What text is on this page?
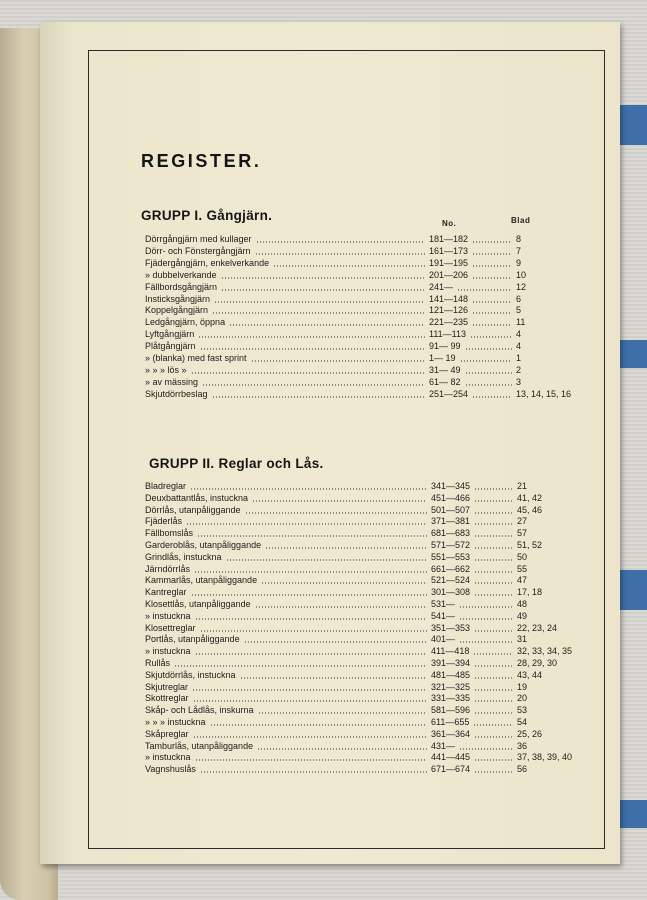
REGISTER.
GRUPP I. Gångjärn.
No.	Blad
Dörrgångjärn med kullager	181—182	8
Dörr- och Fönstergångjärn	161—173	7
Fjädergångjärn, enkelverkande	191—195	9
» dubbelverkande	201—206	10
Fällbordsgångjärn	241—	12
Insticksgångjärn	141—148	6
Koppelgångjärn	121—126	5
Ledgångjärn, öppna	221—235	11
Lyftgångjärn	111—113	4
Plåtgångjärn	91— 99	4
» (blanka) med fast sprint	1— 19	1
» » » lös »	31— 49	2
» av mässing	61— 82	3
Skjutdörrbeslag	251—254	13, 14, 15, 16
GRUPP II. Reglar och Lås.
Bladreglar	341—345	21
Deuxbattantlås, instuckna	451—466	41, 42
Dörrlås, utanpåliggande	501—507	45, 46
Fjäderlås	371—381	27
Fällbomslås	681—683	57
Garderoblås, utanpåliggande	571—572	51, 52
Grindlås, instuckna	551—553	50
Järndörrlås	661—662	55
Kammarlås, utanpåliggande	521—524	47
Kantreglar	301—308	17, 18
Klosettlås, utanpåliggande	531—	48
» instuckna	541—	49
Klosettreglar	351—353	22, 23, 24
Portlås, utanpåliggande	401—	31
» instuckna	411—418	32, 33, 34, 35
Rullås	391—394	28, 29, 30
Skjutdörrlås, instuckna	481—485	43, 44
Skjutreglar	321—325	19
Skottreglar	331—335	20
Skåp- och Lådlås, inskurna	581—596	53
» » » instuckna	611—655	54
Skåpreglar	361—364	25, 26
Tamburlås, utanpåliggande	431—	36
» instuckna	441—445	37, 38, 39, 40
Vagnshuslås	671—674	56
